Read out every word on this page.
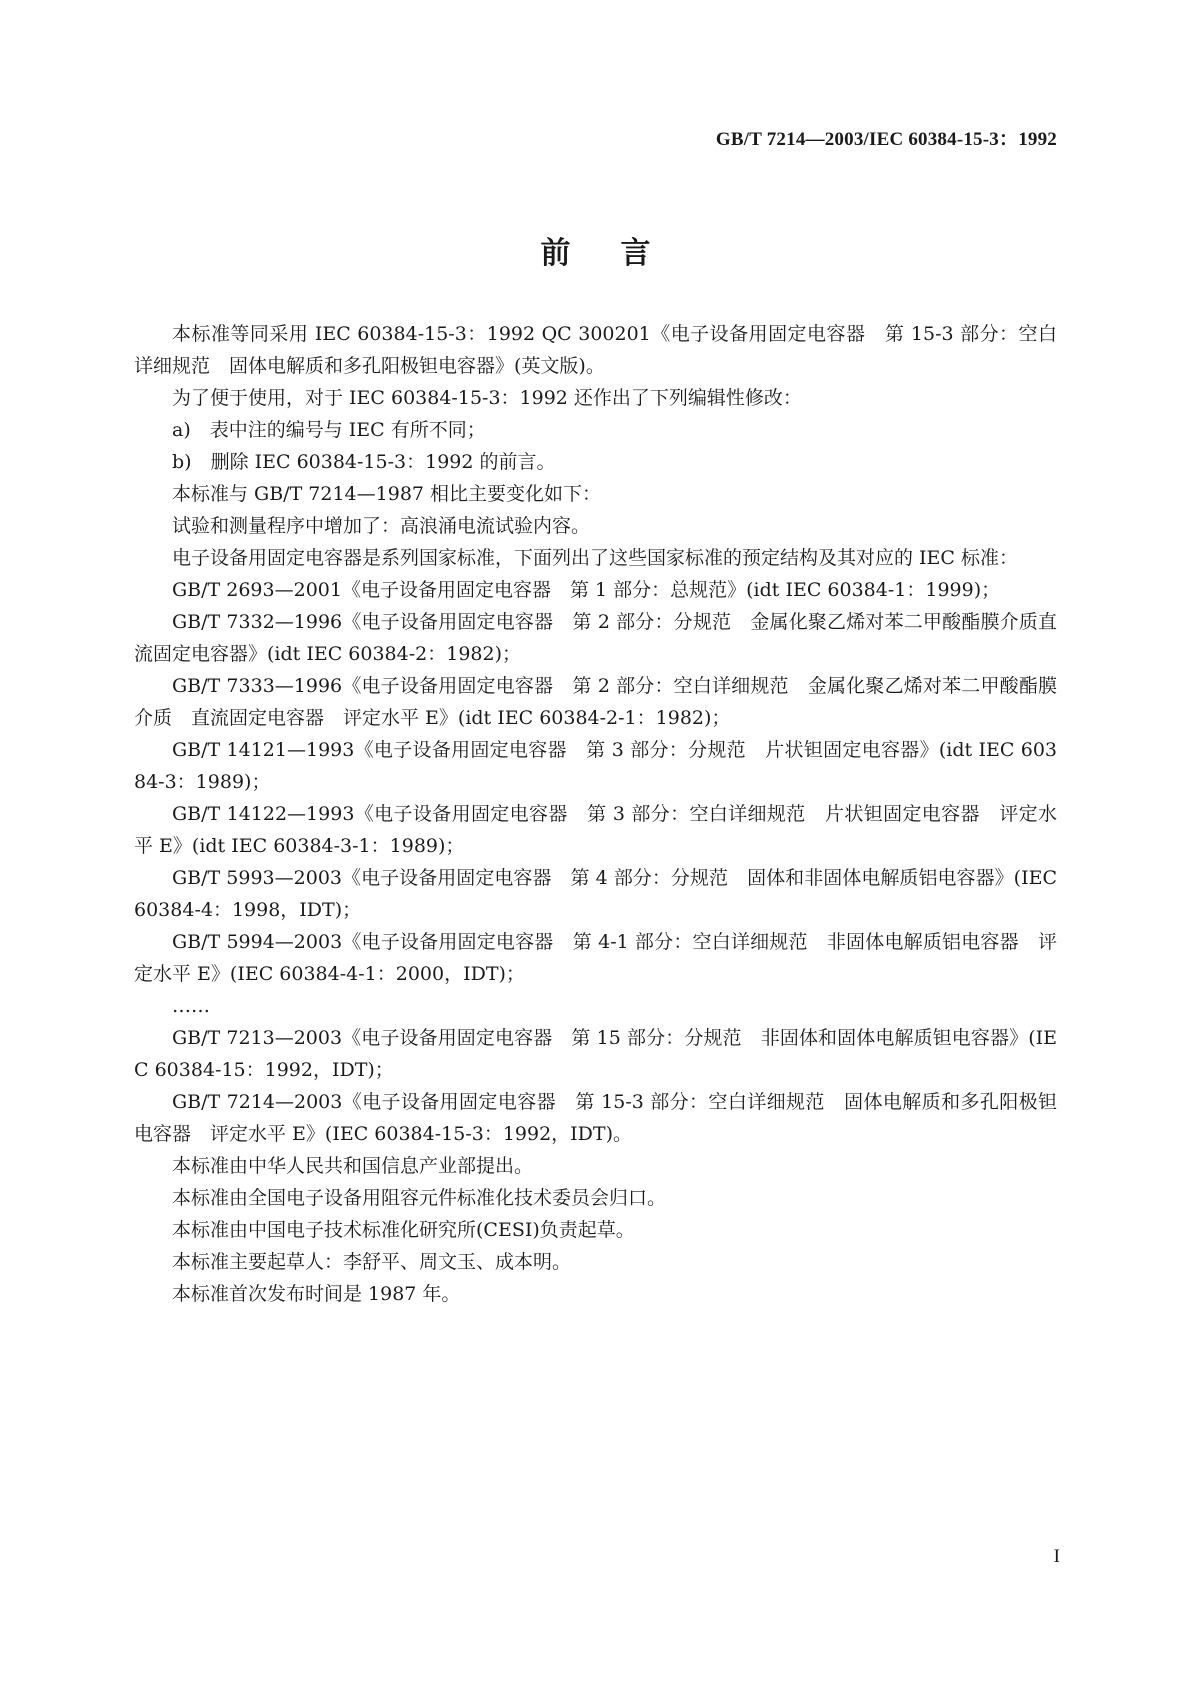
GB/T 7214—2003/IEC 60384-15-3：1992
前言

本标准等同采用 IEC 60384-15-3：1992 QC 300201《电子设备用固定电容器　第 15-3 部分：空白详细规范　固体电解质和多孔阳极钽电容器》(英文版)。

为了便于使用，对于 IEC 60384-15-3：1992 还作出了下列编辑性修改：

a)　表中注的编号与 IEC 有所不同；

b)　删除 IEC 60384-15-3：1992 的前言。

本标准与 GB/T 7214—1987 相比主要变化如下：

试验和测量程序中增加了：高浪涌电流试验内容。

电子设备用固定电容器是系列国家标准，下面列出了这些国家标准的预定结构及其对应的 IEC 标准：

GB/T 2693—2001《电子设备用固定电容器　第 1 部分：总规范》(idt IEC 60384-1：1999)；

GB/T 7332—1996《电子设备用固定电容器　第 2 部分：分规范　金属化聚乙烯对苯二甲酸酯膜介质直流固定电容器》(idt IEC 60384-2：1982)；

GB/T 7333—1996《电子设备用固定电容器　第 2 部分：空白详细规范　金属化聚乙烯对苯二甲酸酯膜介质　直流固定电容器　评定水平 E》(idt IEC 60384-2-1：1982)；

GB/T 14121—1993《电子设备用固定电容器　第 3 部分：分规范　片状钽固定电容器》(idt IEC 60384-3：1989)；

GB/T 14122—1993《电子设备用固定电容器　第 3 部分：空白详细规范　片状钽固定电容器　评定水平 E》(idt IEC 60384-3-1：1989)；

GB/T 5993—2003《电子设备用固定电容器　第 4 部分：分规范　固体和非固体电解质铝电容器》(IEC 60384-4：1998，IDT)；

GB/T 5994—2003《电子设备用固定电容器　第 4-1 部分：空白详细规范　非固体电解质铝电容器　评定水平 E》(IEC 60384-4-1：2000，IDT)；

……

GB/T 7213—2003《电子设备用固定电容器　第 15 部分：分规范　非固体和固体电解质钽电容器》(IEC 60384-15：1992，IDT)；

GB/T 7214—2003《电子设备用固定电容器　第 15-3 部分：空白详细规范　固体电解质和多孔阳极钽电容器　评定水平 E》(IEC 60384-15-3：1992，IDT)。

本标准由中华人民共和国信息产业部提出。

本标准由全国电子设备用阻容元件标准化技术委员会归口。

本标准由中国电子技术标准化研究所(CESI)负责起草。

本标准主要起草人：李舒平、周文玉、成本明。

本标准首次发布时间是 1987 年。

I
